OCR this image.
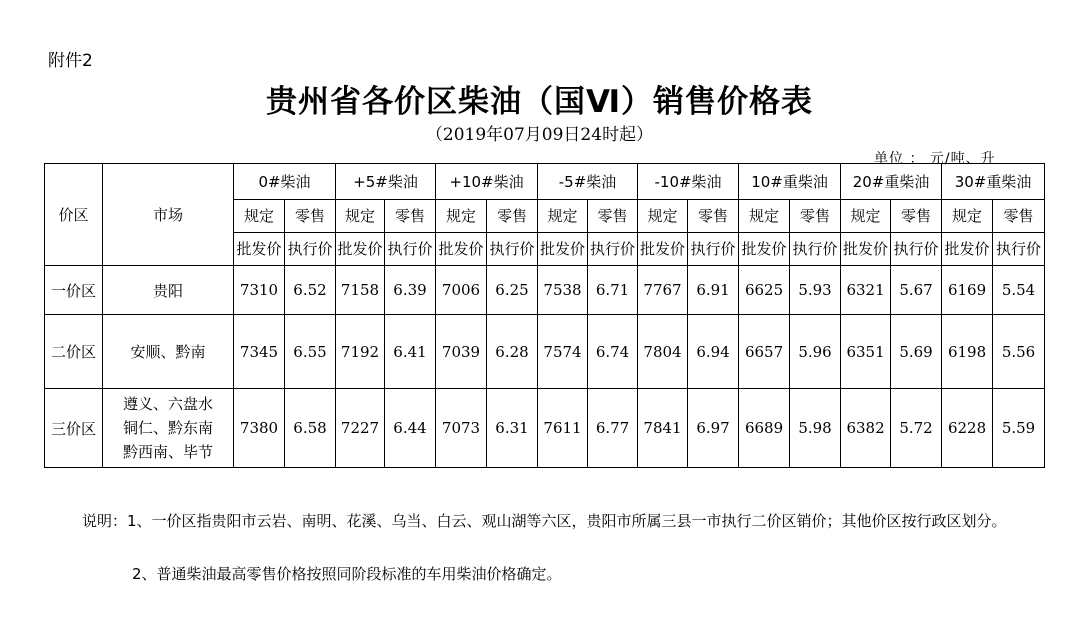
附件2
贵州省各价区柴油（国Ⅵ）销售价格表
（2019年07月09日24时起）
单位 ： 元/吨、升
价区	市场	0#柴油		+5#柴油		+10#柴油		-5#柴油		-10#柴油		10#重柴油		20#重柴油		30#重柴油	
		规定	零售	规定	零售	规定	零售	规定	零售	规定	零售	规定	零售	规定	零售	规定	零售
		批发价	执行价	批发价	执行价	批发价	执行价	批发价	执行价	批发价	执行价	批发价	执行价	批发价	执行价	批发价	执行价
一价区	贵阳	7310	6.52	7158	6.39	7006	6.25	7538	6.71	7767	6.91	6625	5.93	6321	5.67	6169	5.54
二价区	安顺、黔南	7345	6.55	7192	6.41	7039	6.28	7574	6.74	7804	6.94	6657	5.96	6351	5.69	6198	5.56
三价区	遵义、六盘水
铜仁、黔东南
黔西南、毕节	7380	6.58	7227	6.44	7073	6.31	7611	6.77	7841	6.97	6689	5.98	6382	5.72	6228	5.59
说明：1、一价区指贵阳市云岩、南明、花溪、乌当、白云、观山湖等六区，贵阳市所属三县一市执行二价区销价；其他价区按行政区划分。
2、普通柴油最高零售价格按照同阶段标准的车用柴油价格确定。
